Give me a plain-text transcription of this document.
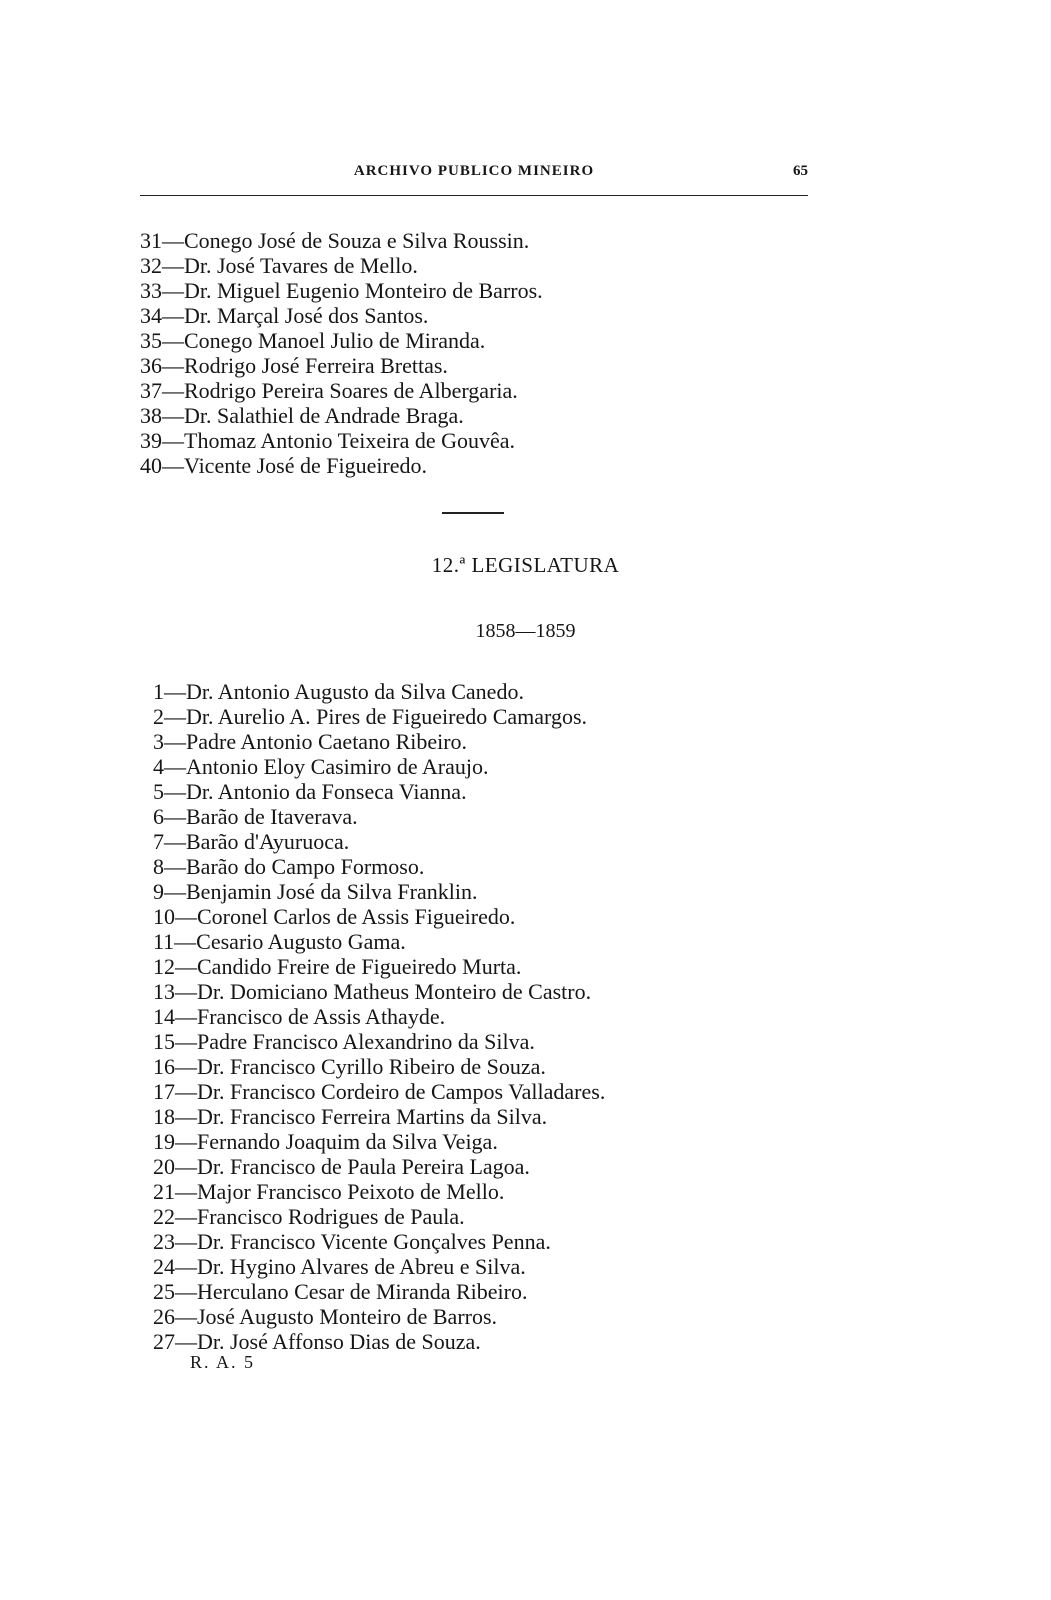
ARCHIVO PUBLICO MINEIRO	65
31—Conego José de Souza e Silva Roussin.
32—Dr. José Tavares de Mello.
33—Dr. Miguel Eugenio Monteiro de Barros.
34—Dr. Marçal José dos Santos.
35—Conego Manoel Julio de Miranda.
36—Rodrigo José Ferreira Brettas.
37—Rodrigo Pereira Soares de Albergaria.
38—Dr. Salathiel de Andrade Braga.
39—Thomaz Antonio Teixeira de Gouvêa.
40—Vicente José de Figueiredo.
12.ª LEGISLATURA
1858—1859
1—Dr. Antonio Augusto da Silva Canedo.
2—Dr. Aurelio A. Pires de Figueiredo Camargos.
3—Padre Antonio Caetano Ribeiro.
4—Antonio Eloy Casimiro de Araujo.
5—Dr. Antonio da Fonseca Vianna.
6—Barão de Itaverava.
7—Barão d'Ayuruoca.
8—Barão do Campo Formoso.
9—Benjamin José da Silva Franklin.
10—Coronel Carlos de Assis Figueiredo.
11—Cesario Augusto Gama.
12—Candido Freire de Figueiredo Murta.
13—Dr. Domiciano Matheus Monteiro de Castro.
14—Francisco de Assis Athayde.
15—Padre Francisco Alexandrino da Silva.
16—Dr. Francisco Cyrillo Ribeiro de Souza.
17—Dr. Francisco Cordeiro de Campos Valladares.
18—Dr. Francisco Ferreira Martins da Silva.
19—Fernando Joaquim da Silva Veiga.
20—Dr. Francisco de Paula Pereira Lagoa.
21—Major Francisco Peixoto de Mello.
22—Francisco Rodrigues de Paula.
23—Dr. Francisco Vicente Gonçalves Penna.
24—Dr. Hygino Alvares de Abreu e Silva.
25—Herculano Cesar de Miranda Ribeiro.
26—José Augusto Monteiro de Barros.
27—Dr. José Affonso Dias de Souza.
R. A. 5
